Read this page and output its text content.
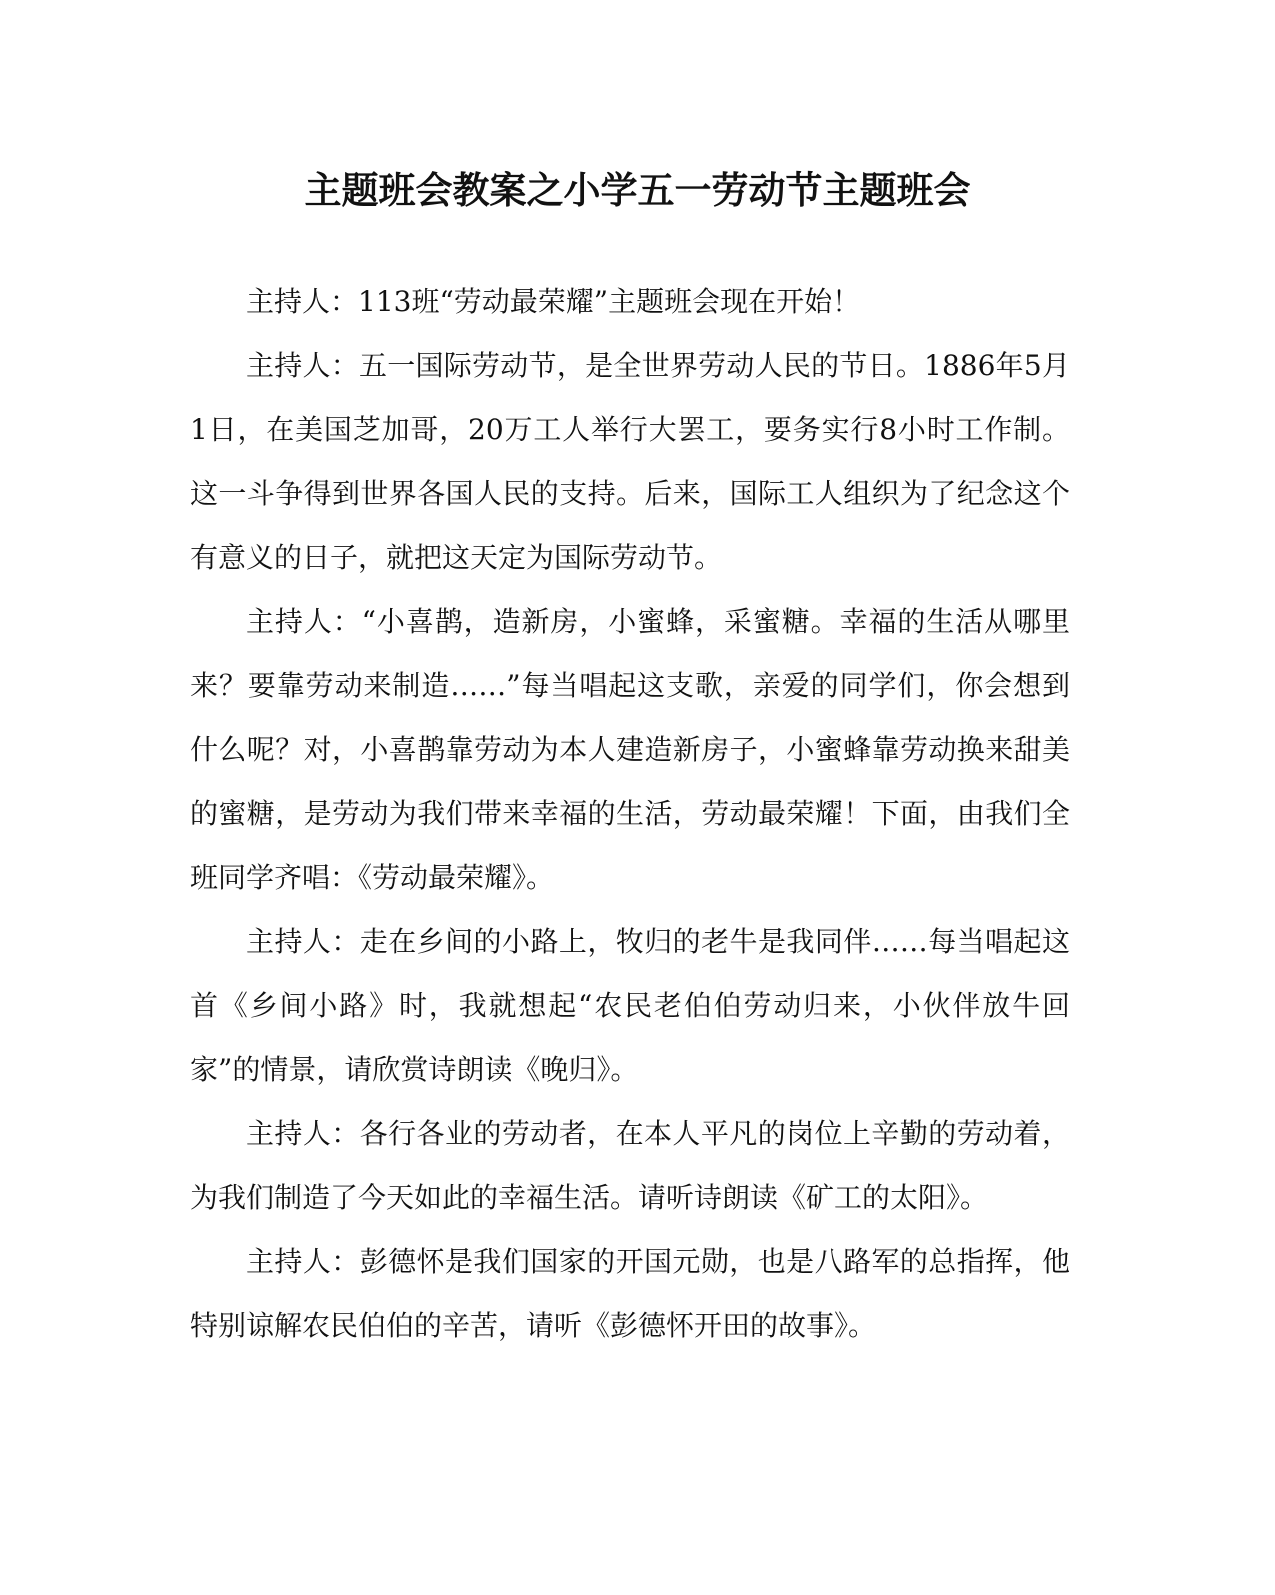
主题班会教案之小学五一劳动节主题班会

主持人：113班“劳动最荣耀”主题班会现在开始！

主持人：五一国际劳动节，是全世界劳动人民的节日。1886年5月1日，在美国芝加哥，20万工人举行大罢工，要务实行8小时工作制。这一斗争得到世界各国人民的支持。后来，国际工人组织为了纪念这个有意义的日子，就把这天定为国际劳动节。

主持人：“小喜鹊，造新房，小蜜蜂，采蜜糖。幸福的生活从哪里来？要靠劳动来制造……”每当唱起这支歌，亲爱的同学们，你会想到什么呢？对，小喜鹊靠劳动为本人建造新房子，小蜜蜂靠劳动换来甜美的蜜糖，是劳动为我们带来幸福的生活，劳动最荣耀！下面，由我们全班同学齐唱：《劳动最荣耀》。

主持人：走在乡间的小路上，牧归的老牛是我同伴……每当唱起这首《乡间小路》时，我就想起“农民老伯伯劳动归来，小伙伴放牛回家”的情景，请欣赏诗朗读《晚归》。

主持人：各行各业的劳动者，在本人平凡的岗位上辛勤的劳动着，为我们制造了今天如此的幸福生活。请听诗朗读《矿工的太阳》。

主持人：彭德怀是我们国家的开国元勋，也是八路军的总指挥，他特别谅解农民伯伯的辛苦，请听《彭德怀开田的故事》。
